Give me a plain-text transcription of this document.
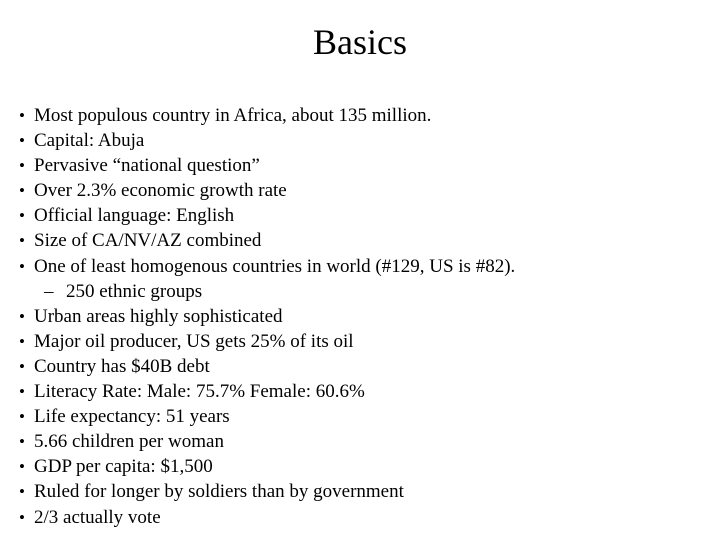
Basics
• Most populous country in Africa, about 135 million.
• Capital: Abuja
• Pervasive “national question”
• Over 2.3% economic growth rate
• Official language: English
• Size of CA/NV/AZ combined
• One of least homogenous countries in world (#129, US is #82).
– 250 ethnic groups
• Urban areas highly sophisticated
• Major oil producer, US gets 25% of its oil
• Country has $40B debt
• Literacy Rate: Male: 75.7% Female: 60.6%
• Life expectancy: 51 years
• 5.66 children per woman
• GDP per capita: $1,500
• Ruled for longer by soldiers than by government
• 2/3 actually vote
